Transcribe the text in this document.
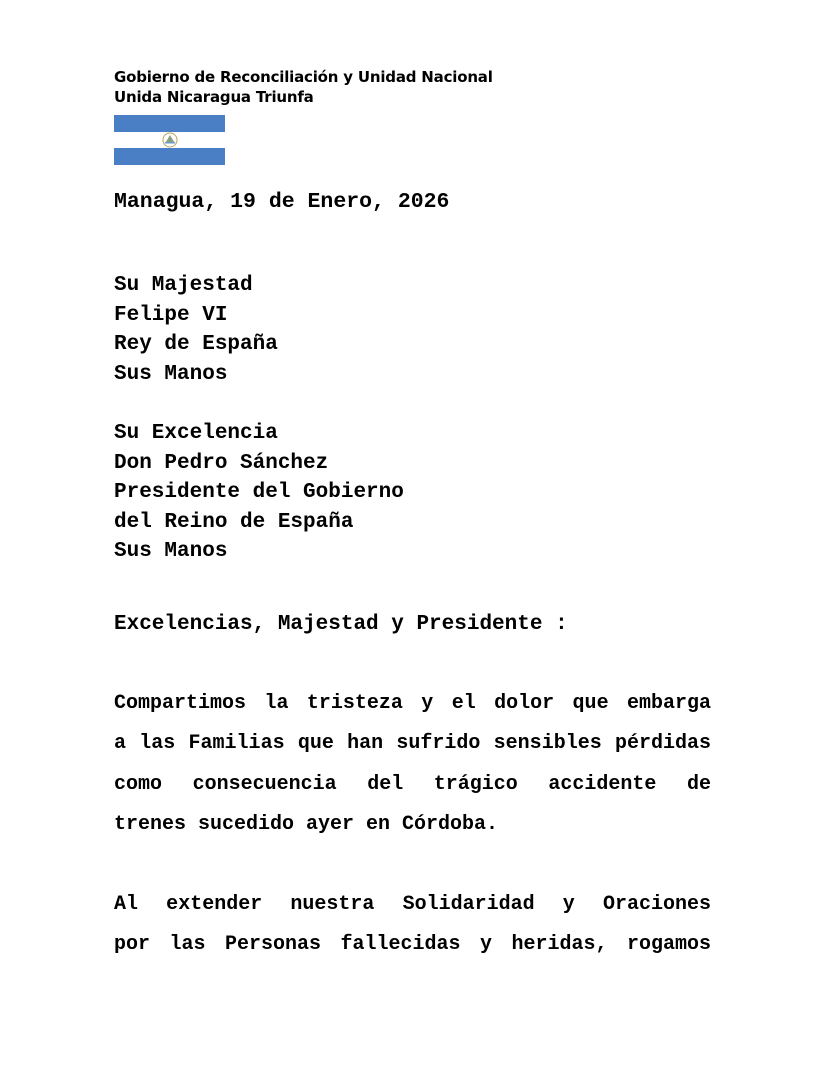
Gobierno de Reconciliación y Unidad Nacional
Unida Nicaragua Triunfa
Managua, 19 de Enero, 2026
Su Majestad
Felipe VI
Rey de España
Sus Manos
Su Excelencia
Don Pedro Sánchez
Presidente del Gobierno
del Reino de España
Sus Manos
Excelencias, Majestad y Presidente :
Compartimos la tristeza y el dolor que embarga
a las Familias que han sufrido sensibles pérdidas
como consecuencia del trágico accidente de
trenes sucedido ayer en Córdoba.
Al extender nuestra Solidaridad y Oraciones
por las Personas fallecidas y heridas, rogamos
